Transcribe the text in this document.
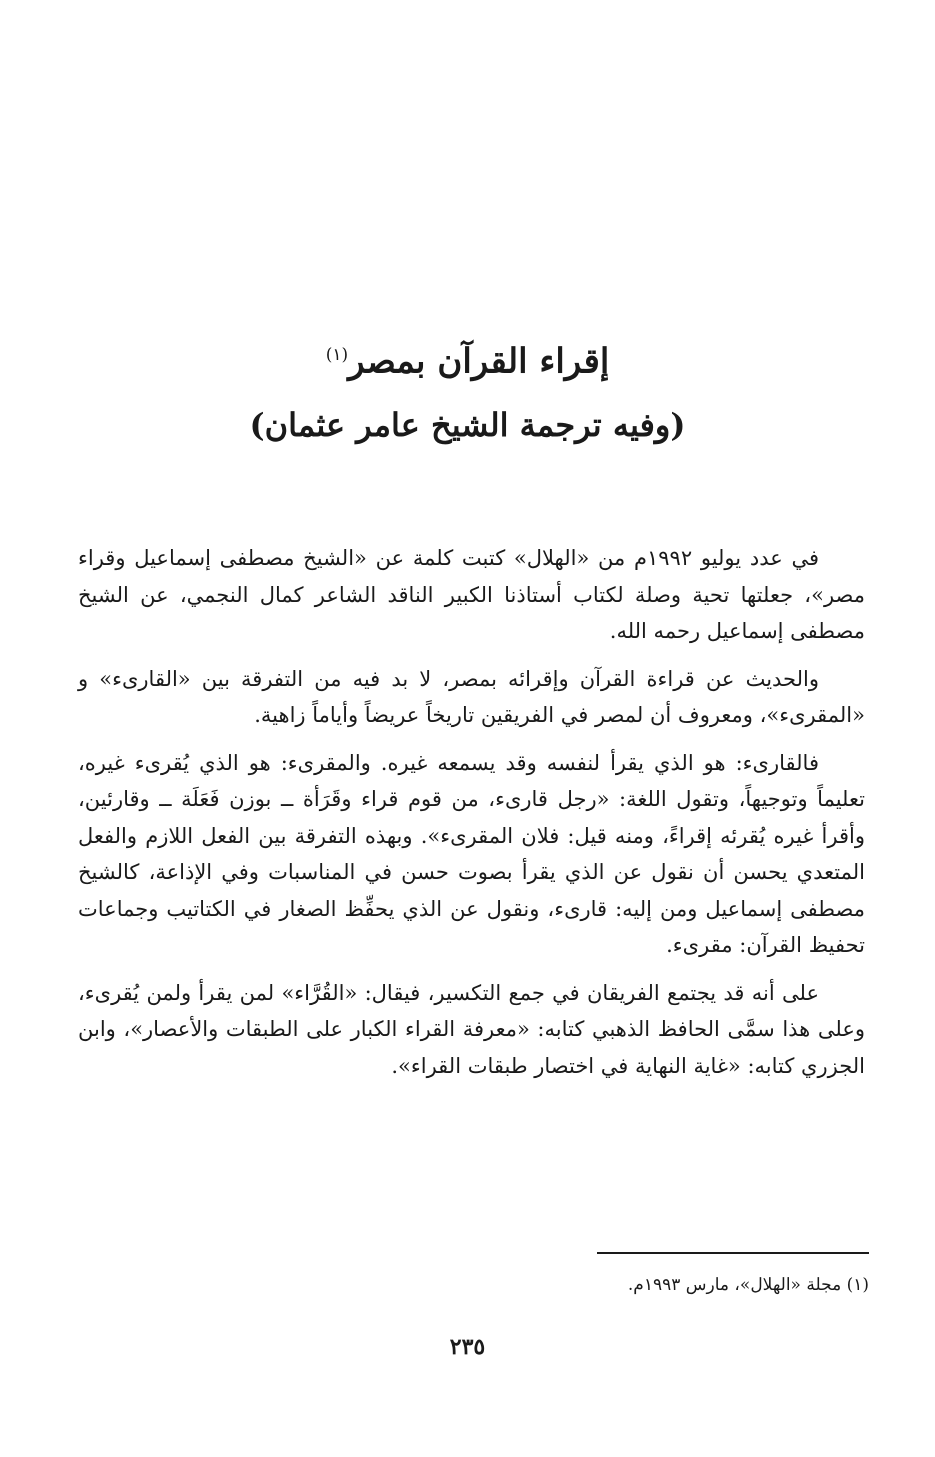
إقراء القرآن بمصر$^{(١)}$
(وفيه ترجمة الشيخ عامر عثمان)

في عدد يوليو ١٩٩٢م من «الهلال» كتبت كلمة عن «الشيخ مصطفى إسماعيل وقراء مصر»، جعلتها تحية وصلة لكتاب أستاذنا الكبير الناقد الشاعر كمال النجمي، عن الشيخ مصطفى إسماعيل رحمه الله.

والحديث عن قراءة القرآن وإقرائه بمصر، لا بد فيه من التفرقة بين «القارىء» و «المقرىء»، ومعروف أن لمصر في الفريقين تاريخاً عريضاً وأياماً زاهية.

فالقارىء: هو الذي يقرأ لنفسه وقد يسمعه غيره. والمقرىء: هو الذي يُقرىء غيره، تعليماً وتوجيهاً، وتقول اللغة: «رجل قارىء، من قوم قراء وقَرَأة ــ بوزن فَعَلَة ــ وقارئين، وأقرأ غيره يُقرئه إقراءً، ومنه قيل: فلان المقرىء». وبهذه التفرقة بين الفعل اللازم والفعل المتعدي يحسن أن نقول عن الذي يقرأ بصوت حسن في المناسبات وفي الإذاعة، كالشيخ مصطفى إسماعيل ومن إليه: قارىء، ونقول عن الذي يحفِّظ الصغار في الكتاتيب وجماعات تحفيظ القرآن: مقرىء.

على أنه قد يجتمع الفريقان في جمع التكسير، فيقال: «القُرَّاء» لمن يقرأ ولمن يُقرىء، وعلى هذا سمَّى الحافظ الذهبي كتابه: «معرفة القراء الكبار على الطبقات والأعصار»، وابن الجزري كتابه: «غاية النهاية في اختصار طبقات القراء».

(١) مجلة «الهلال»، مارس ١٩٩٣م.

٢٣٥
